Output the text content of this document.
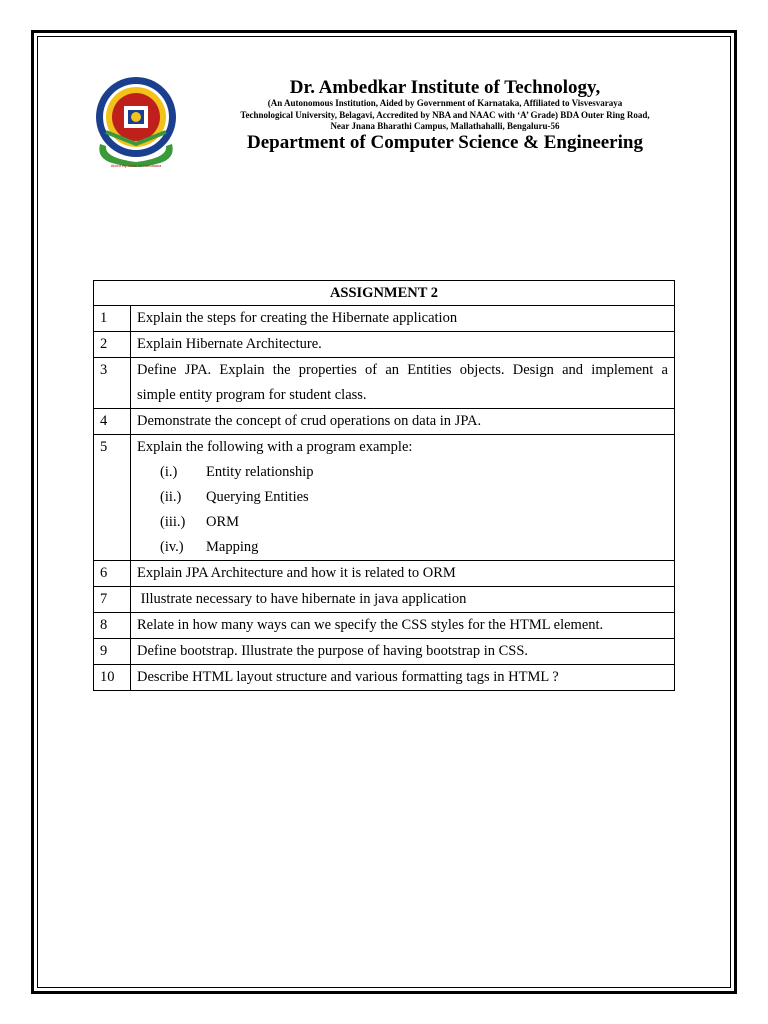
Aided By Govt. of Karnataka
Dr. Ambedkar Institute of Technology,
(An Autonomous Institution, Aided by Government of Karnataka, Affiliated to Visvesvaraya
Technological University, Belagavi, Accredited by NBA and NAAC with ‘A’ Grade) BDA Outer Ring Road,
Near Jnana Bharathi Campus, Mallathahalli, Bengaluru-56
Department of Computer Science & Engineering
ASSIGNMENT 2	
1	Explain the steps for creating the Hibernate application
2	Explain Hibernate Architecture.
3	Define JPA. Explain the properties of an Entities objects. Design and implement a
simple entity program for student class.

4	Demonstrate the concept of crud operations on data in JPA.
5	Explain the following with a program example:
(i.) Entity relationship
(ii.) Querying Entities
(iii.) ORM
(iv.) Mapping

6	Explain JPA Architecture and how it is related to ORM
7	Illustrate necessary to have hibernate in java application
8	Relate in how many ways can we specify the CSS styles for the HTML element.
9	Define bootstrap. Illustrate the purpose of having bootstrap in CSS.
10	Describe HTML layout structure and various formatting tags in HTML ?
